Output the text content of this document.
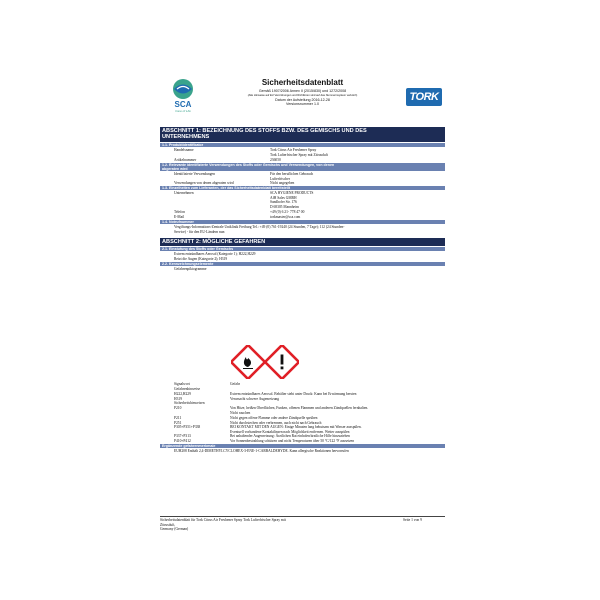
SCA
Care of Life
Sicherheitsdatenblatt
Gemäß 1907/2006 Annex II (2015/830) und 1272/2008
(Alle Hinweise auf EU Verordnungen und Richtlinien sind auf das Nummernsystem verkürzt)
Datum der Aufstellung 2016-12-28
Versionsnummer 1.0
TORK
ABSCHNITT 1: BEZEICHNUNG DES STOFFS BZW. DES GEMISCHS UND DES
UNTERNEHMENS
1.1. Produktidentifikator
Handelsname	Tork Citrus Air Freshener Spray
Tork Lufterfrischer Spray mit Zitrusduft
Artikelnummer	236050
1.2. Relevante identifizierte Verwendungen des Stoffs oder Gemischs und Verwendungen, von denen
abgeraten wird
Identifizierte Verwendungen	Für den beruflichen Gebrauch
Lufterfrischer
Verwendungen von denen abgeraten wird	Nicht angegeben
1.3. Einzelheiten zum Lieferanten, der das Sicherheitsdatenblatt bereitstellt
Unternehmen	SCA HYGIENE PRODUCTS
AfH Sales GMBH
Sandhofer Str. 176
D 68305 Mannheim
Telefon	+49 (0) 6 21- 778 47 00
E-Mail	torkmaster@sca.com
1.4. Notrufnummer
Vergiftungs-Informations-Zentrale Uniklinik Freiburg Tel.: +49 (0) 761-19240 (24 Stunden, 7 Tage); 112 (24 Stunden-
Service) - für den EU-Ländern nun
ABSCHNITT 2: MÖGLICHE GEFAHREN
2.1. Einstufung des Stoffs oder Gemischs
Extrem entzündbares Aerosol (Kategorie 1); H222,H229
Reizt die Augen (Kategorie 2); H319
2.2. Kennzeichnungselemente
Gefahrenpiktogramme
Signalwort	Gefahr
Gefahrenhinweise
H222,H229	Extrem entzündbares Aerosol. Behälter steht unter Druck: Kann bei Erwärmung bersten
H319	Verursacht schwere Augenreizung
Sicherheitshinweisen
P210	Von Hitze, heißen Oberflächen, Funken, offenen Flammen und anderen Zündquellen fernhalten.
Nicht rauchen
P211	Nicht gegen offene Flamme oder andere Zündquelle sprühen
P251	Nicht durchstechen oder verbrennen, auch nicht nach Gebrauch
P305+P351+P338	BEI KONTAKT MIT DEN AUGEN: Einige Minuten lang behutsam mit Wasser ausspülen.
Eventuell vorhandene Kontaktlinsen nach Möglichkeit entfernen. Weiter ausspülen
P337+P313	Bei anhaltender Augenreizung: Ärztlichen Rat einholen/ärztliche Hilfe hinzuziehen
P410+P412	Vor Sonnenbestrahlung schützen und nicht Temperaturen über 50 °C/122 °F aussetzen
Ergänzende gefahrenmerkmale
EUH208 Enthält 2,4-DIMETHYLCYCLOHEX-3-ENE-1-CARBALDEHYDE. Kann allergische Reaktionen hervorrufen
Sicherheitsdatenblatt für Tork Citrus Air Freshener Spray Tork Lufterfrischer Spray mit
Zitrusduft,
Germany (German)
Seite 1 von 9
